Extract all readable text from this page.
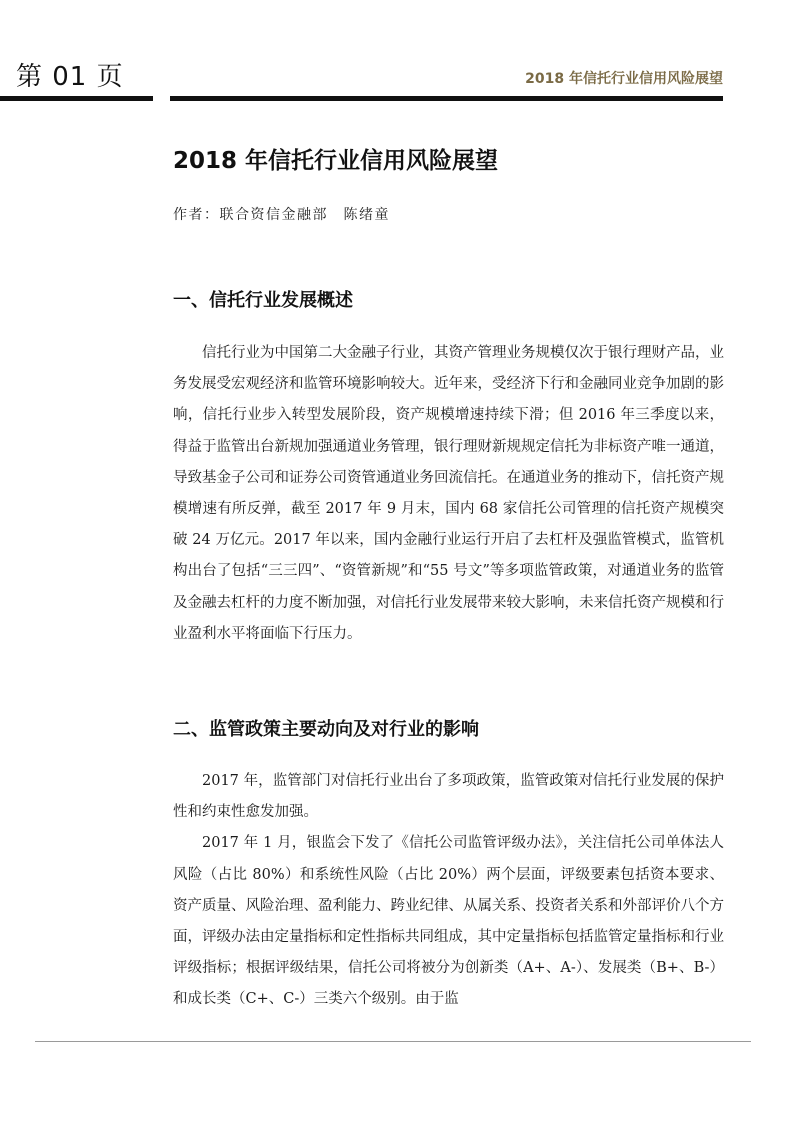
第 01 页	2018 年信托行业信用风险展望
2018 年信托行业信用风险展望
作者：联合资信金融部　陈绪童
一、信托行业发展概述

信托行业为中国第二大金融子行业，其资产管理业务规模仅次于银行理财产品，业务发展受宏观经济和监管环境影响较大。近年来，受经济下行和金融同业竞争加剧的影响，信托行业步入转型发展阶段，资产规模增速持续下滑；但 2016 年三季度以来，得益于监管出台新规加强通道业务管理，银行理财新规规定信托为非标资产唯一通道，导致基金子公司和证券公司资管通道业务回流信托。在通道业务的推动下，信托资产规模增速有所反弹，截至 2017 年 9 月末，国内 68 家信托公司管理的信托资产规模突破 24 万亿元。2017 年以来，国内金融行业运行开启了去杠杆及强监管模式，监管机构出台了包括“三三四”、“资管新规”和“55 号文”等多项监管政策，对通道业务的监管及金融去杠杆的力度不断加强，对信托行业发展带来较大影响，未来信托资产规模和行业盈利水平将面临下行压力。

二、监管政策主要动向及对行业的影响

2017 年，监管部门对信托行业出台了多项政策，监管政策对信托行业发展的保护性和约束性愈发加强。

2017 年 1 月，银监会下发了《信托公司监管评级办法》，关注信托公司单体法人风险（占比 80%）和系统性风险（占比 20%）两个层面，评级要素包括资本要求、资产质量、风险治理、盈利能力、跨业纪律、从属关系、投资者关系和外部评价八个方面，评级办法由定量指标和定性指标共同组成，其中定量指标包括监管定量指标和行业评级指标；根据评级结果，信托公司将被分为创新类（A+、A-）、发展类（B+、B-）和成长类（C+、C-）三类六个级别。由于监
